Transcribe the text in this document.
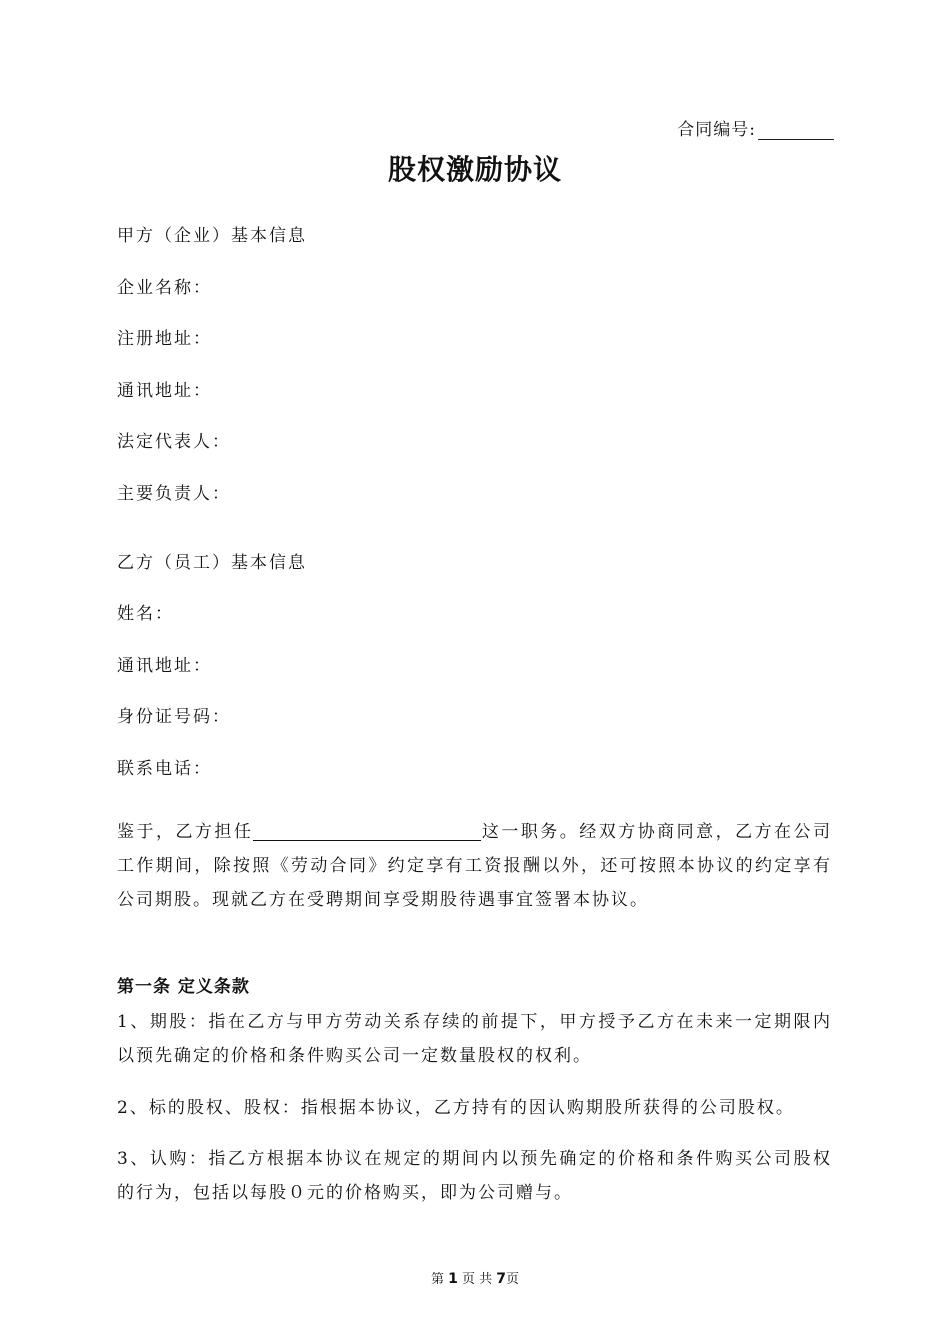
合同编号:
股权激励协议
甲方（企业）基本信息
企业名称：
注册地址：
通讯地址：
法定代表人：
主要负责人：
乙方（员工）基本信息
姓名：
通讯地址：
身份证号码：
联系电话：
鉴于，乙方担任	这一职务。经双方协商同意，乙方在公司工作期间，除按照《劳动合同》约定享有工资报酬以外，还可按照本协议的约定享有公司期股。现就乙方在受聘期间享受期股待遇事宜签署本协议。
第一条 定义条款
1、期股：指在乙方与甲方劳动关系存续的前提下，甲方授予乙方在未来一定期限内以预先确定的价格和条件购买公司一定数量股权的权利。
2、标的股权、股权：指根据本协议，乙方持有的因认购期股所获得的公司股权。
3、认购：指乙方根据本协议在规定的期间内以预先确定的价格和条件购买公司股权的行为，包括以每股０元的价格购买，即为公司赠与。
第 1 页 共 7页
